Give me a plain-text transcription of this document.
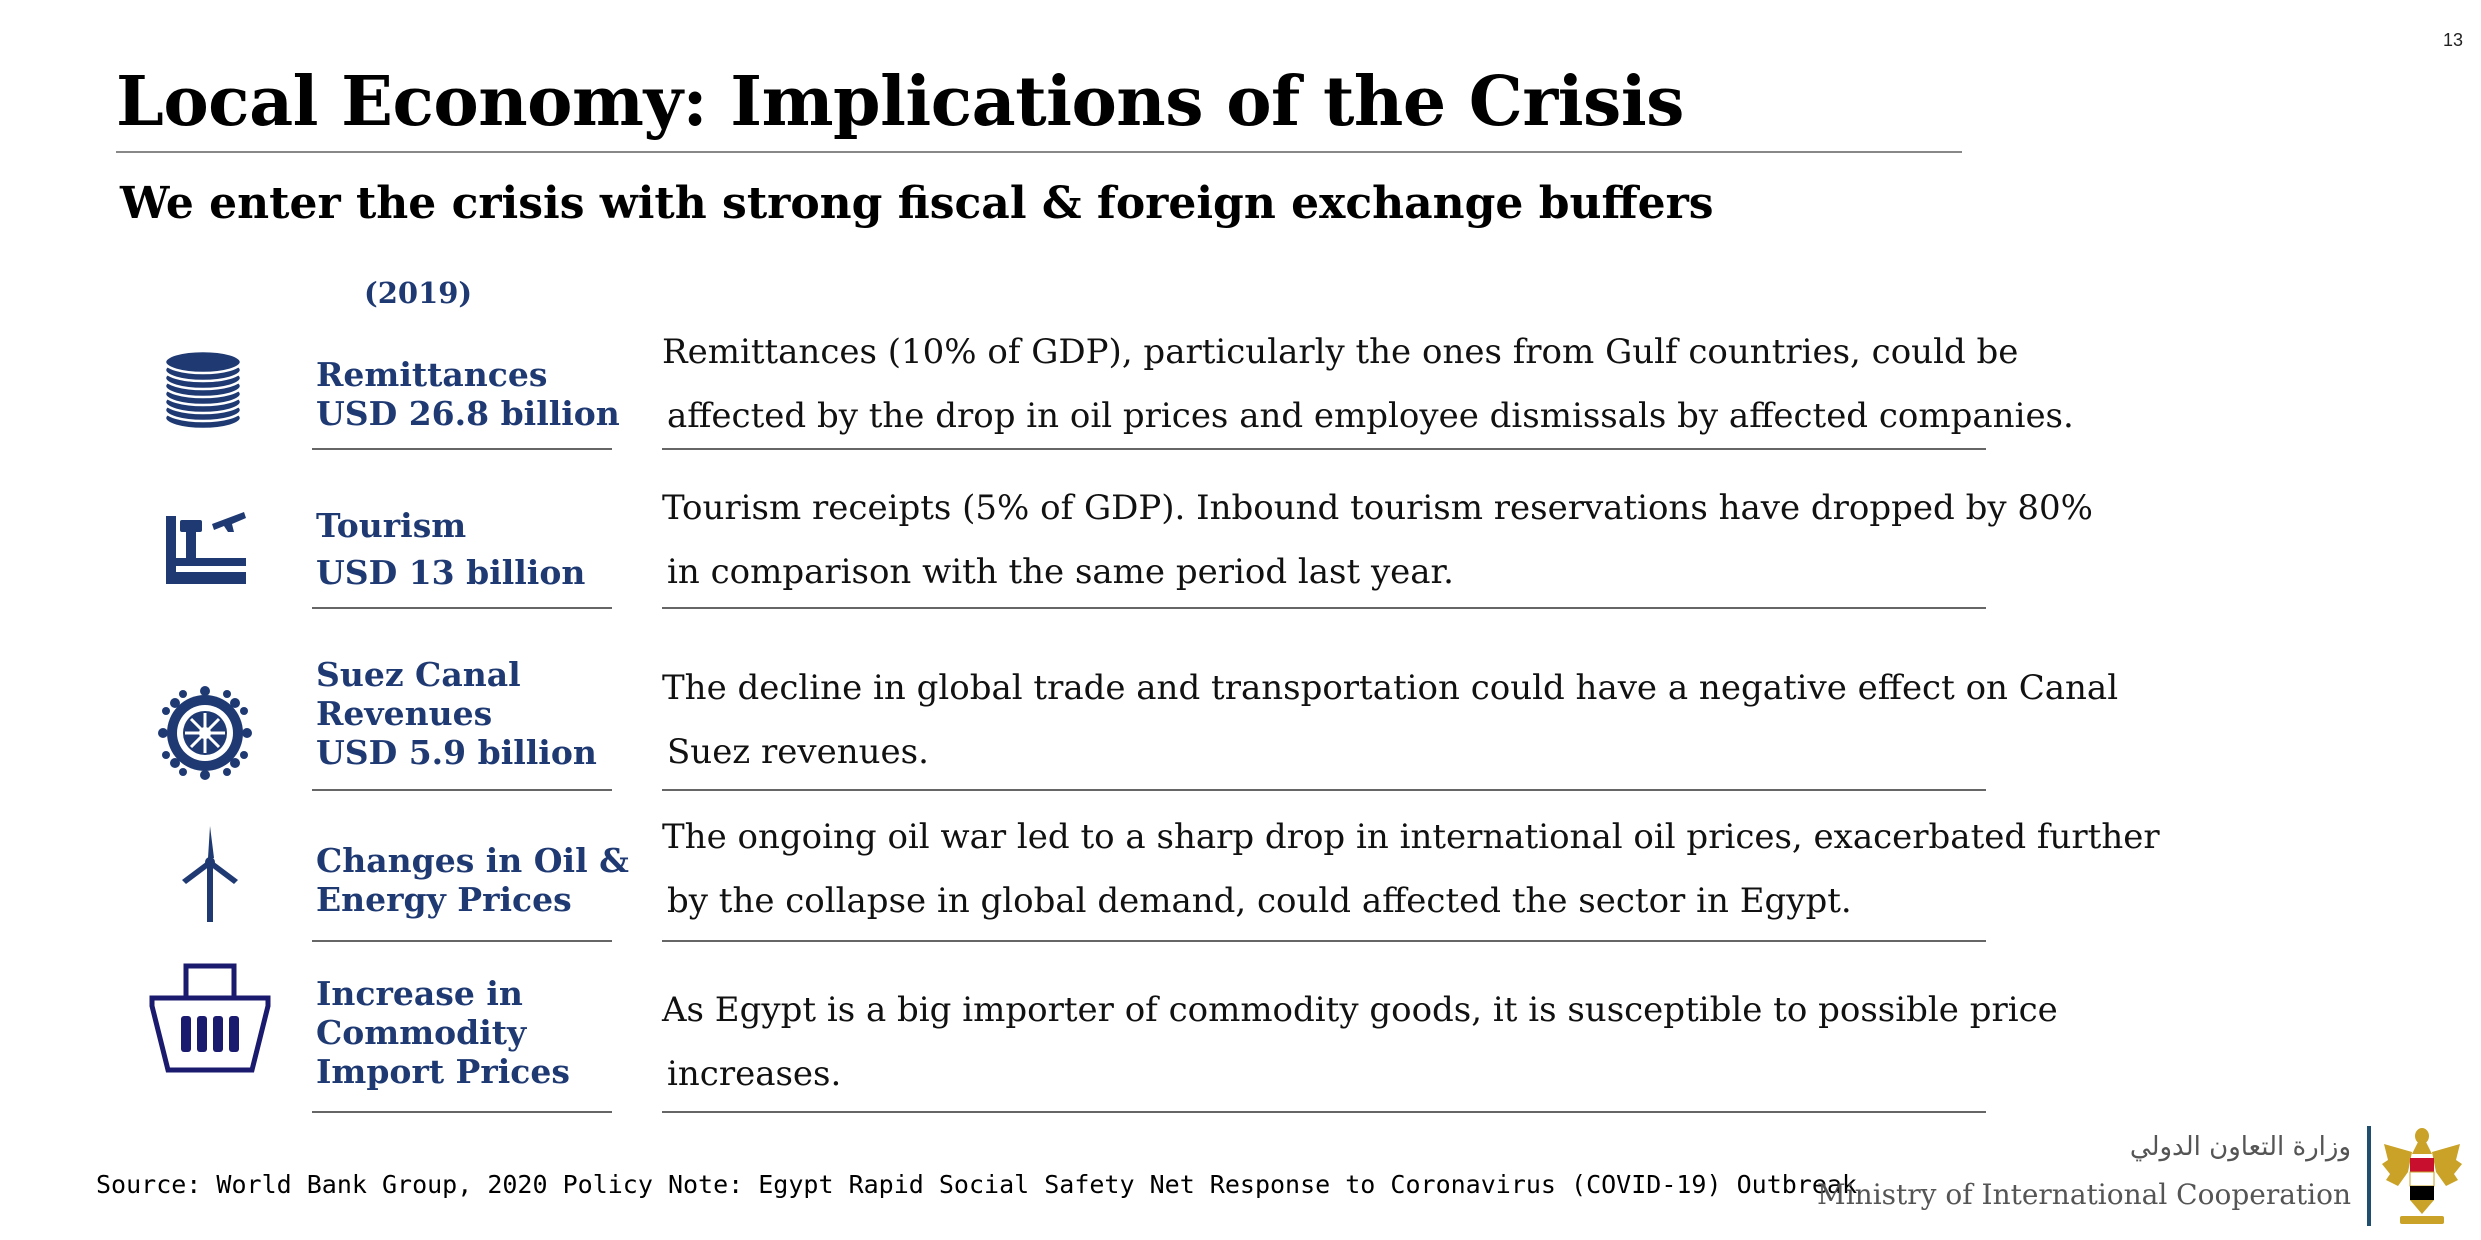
13
Local Economy: Implications of the Crisis
We enter the crisis with strong fiscal & foreign exchange buffers
(2019)
Remittances
USD 26.8 billion
Remittances (10% of GDP), particularly the ones from Gulf countries, could be
affected by the drop in oil prices and employee dismissals by affected companies.
Tourism
USD 13 billion
Tourism receipts (5% of GDP). Inbound tourism reservations have dropped by 80%
in comparison with the same period last year.
Suez Canal
Revenues
USD 5.9 billion
The decline in global trade and transportation could have a negative effect on Canal
Suez revenues.
Changes in Oil &
Energy Prices
The ongoing oil war led to a sharp drop in international oil prices, exacerbated further
by the collapse in global demand, could affected the sector in Egypt.
Increase in
Commodity
Import Prices
As Egypt is a big importer of commodity goods, it is susceptible to possible price
increases.
Source: World Bank Group, 2020 Policy Note: Egypt Rapid Social Safety Net Response to Coronavirus (COVID-19) Outbreak
وزارة التعاون الدولي
Ministry of International Cooperation
